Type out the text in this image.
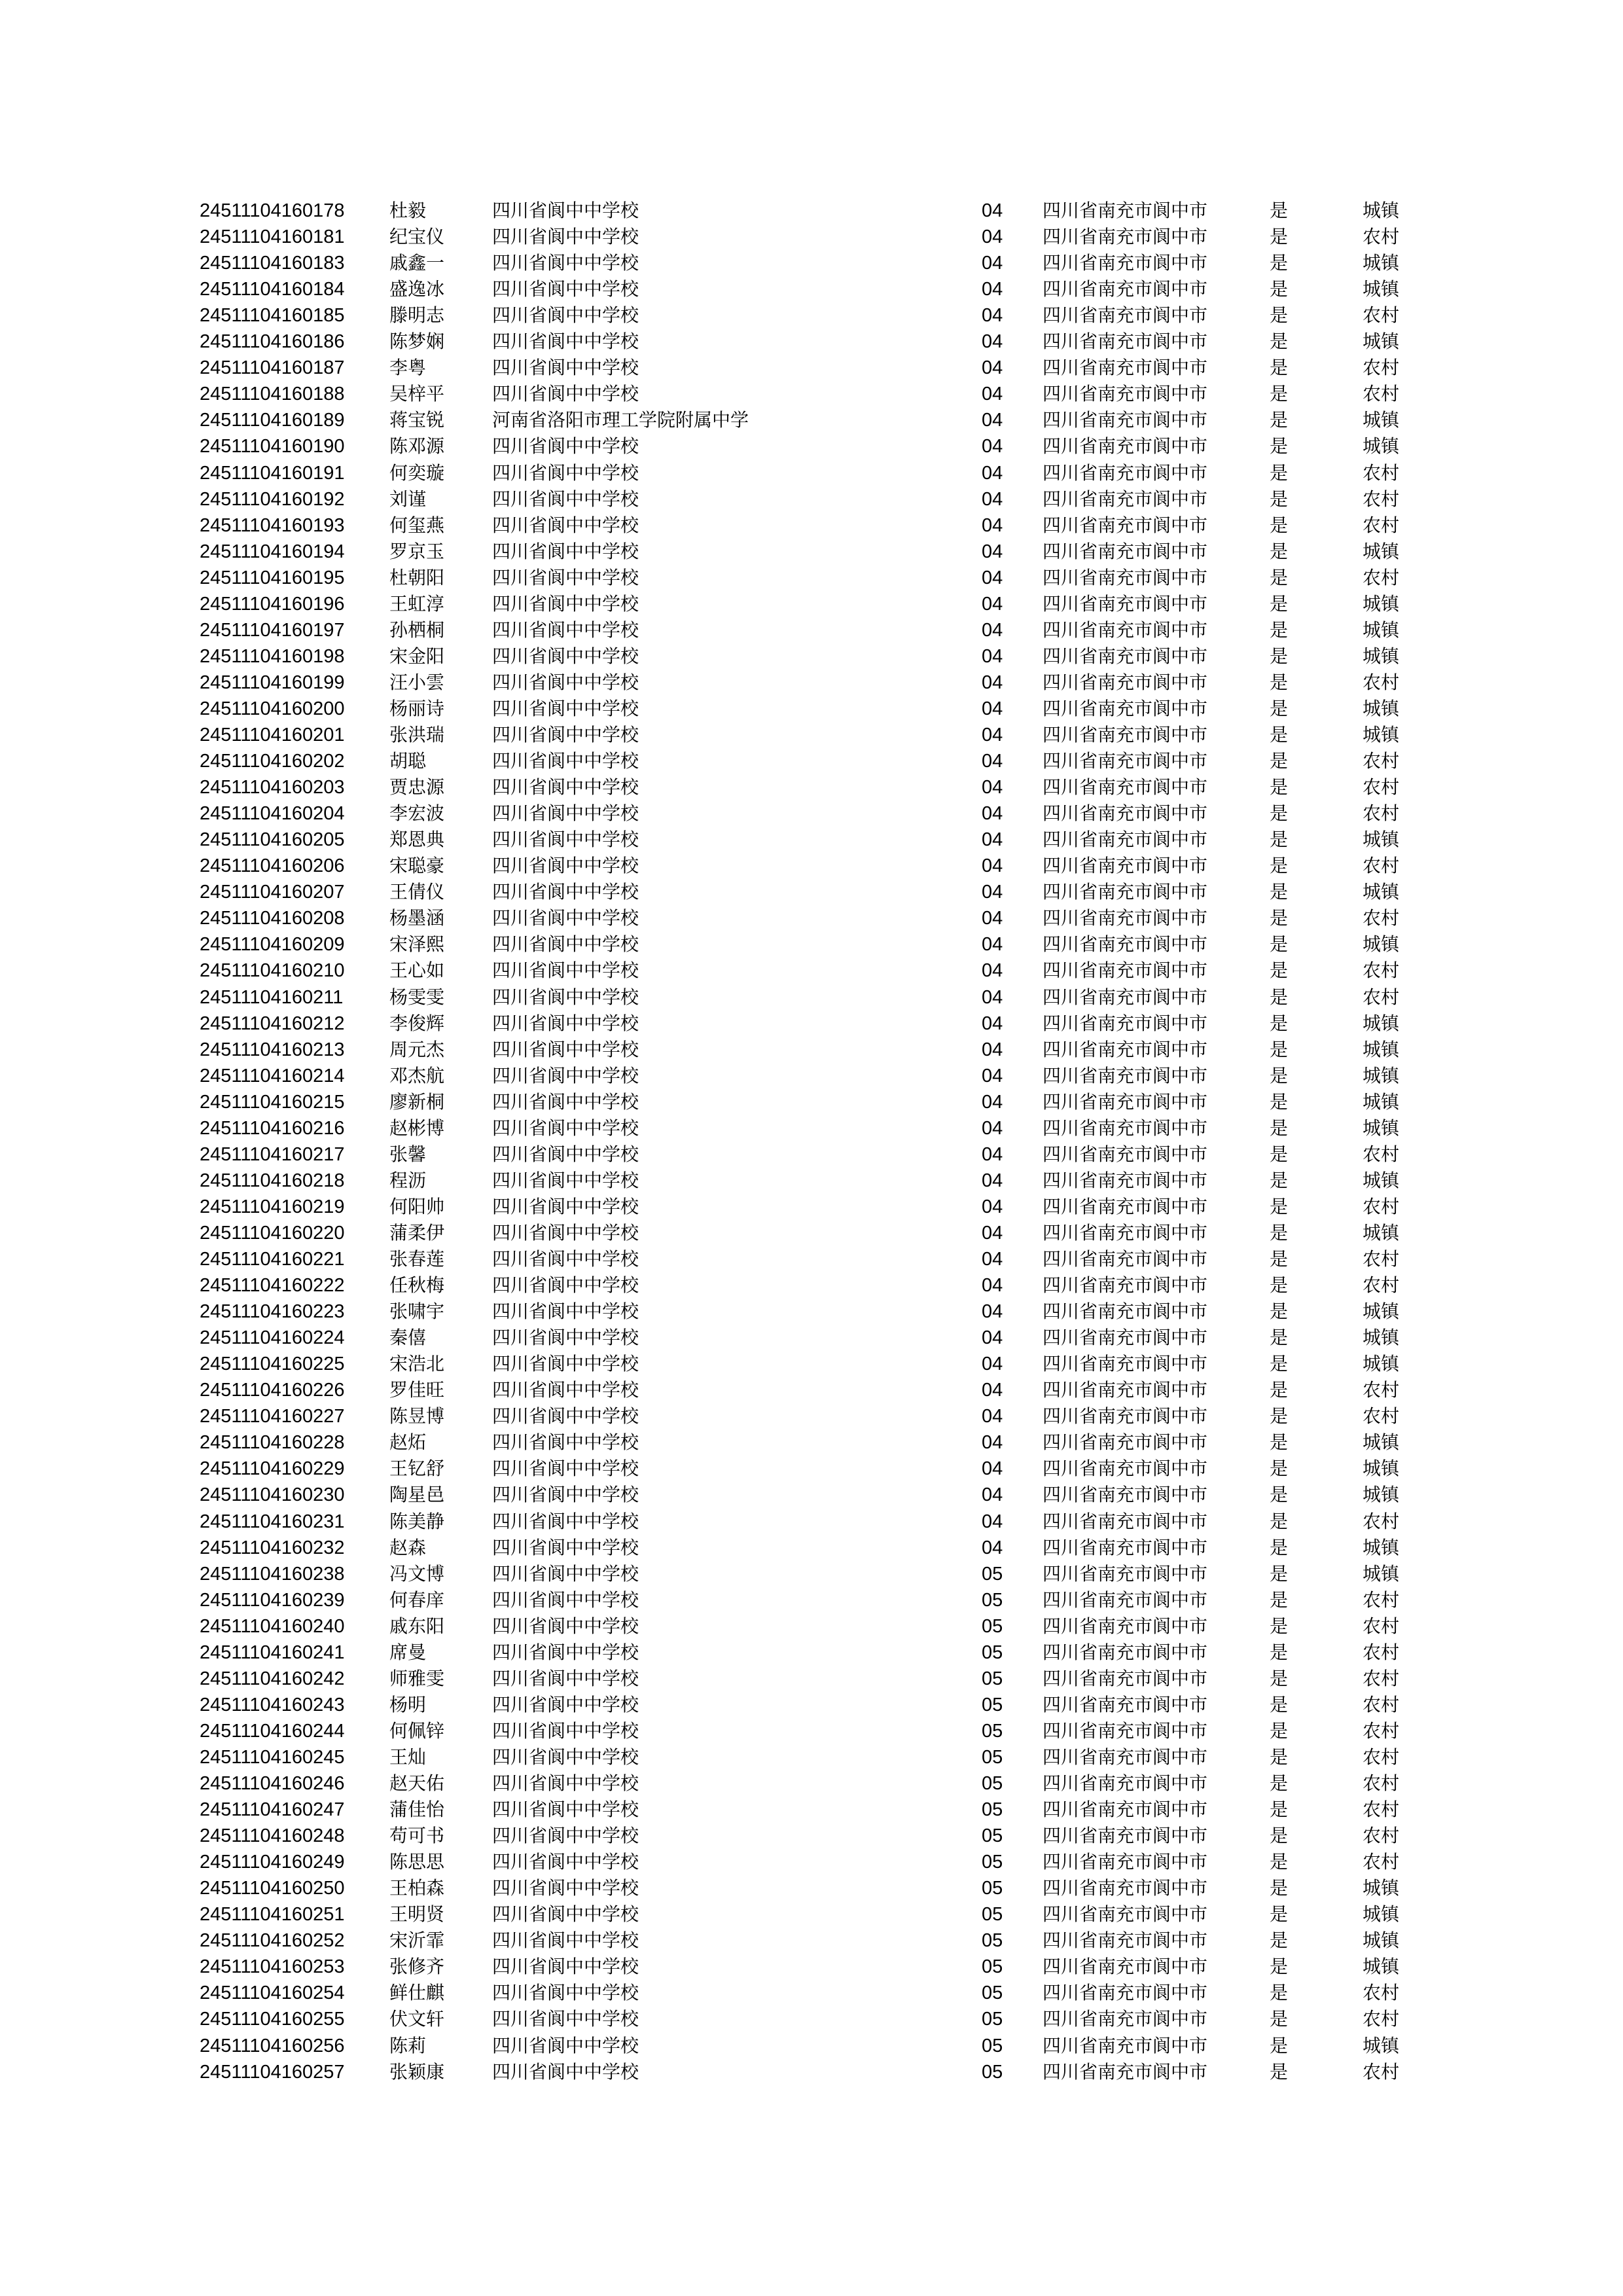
24511104160178 杜毅	四川省阆中中学校	04 四川省南充市阆中市	是	城镇
24511104160181 纪宝仪	四川省阆中中学校	04 四川省南充市阆中市	是	农村
24511104160183 戚鑫一	四川省阆中中学校	04 四川省南充市阆中市	是	城镇
24511104160184 盛逸冰	四川省阆中中学校	04 四川省南充市阆中市	是	城镇
24511104160185 滕明志	四川省阆中中学校	04 四川省南充市阆中市	是	农村
24511104160186 陈梦娴	四川省阆中中学校	04 四川省南充市阆中市	是	城镇
24511104160187 李粤	四川省阆中中学校	04 四川省南充市阆中市	是	农村
24511104160188 吴梓平	四川省阆中中学校	04 四川省南充市阆中市	是	农村
24511104160189 蒋宝锐	河南省洛阳市理工学院附属中学	04 四川省南充市阆中市	是	城镇
24511104160190 陈邓源	四川省阆中中学校	04 四川省南充市阆中市	是	城镇
24511104160191 何奕璇	四川省阆中中学校	04 四川省南充市阆中市	是	农村
24511104160192 刘谨	四川省阆中中学校	04 四川省南充市阆中市	是	农村
24511104160193 何玺燕	四川省阆中中学校	04 四川省南充市阆中市	是	农村
24511104160194 罗京玉	四川省阆中中学校	04 四川省南充市阆中市	是	城镇
24511104160195 杜朝阳	四川省阆中中学校	04 四川省南充市阆中市	是	农村
24511104160196 王虹淳	四川省阆中中学校	04 四川省南充市阆中市	是	城镇
24511104160197 孙栖桐	四川省阆中中学校	04 四川省南充市阆中市	是	城镇
24511104160198 宋金阳	四川省阆中中学校	04 四川省南充市阆中市	是	城镇
24511104160199 汪小雲	四川省阆中中学校	04 四川省南充市阆中市	是	农村
24511104160200 杨丽诗	四川省阆中中学校	04 四川省南充市阆中市	是	城镇
24511104160201 张洪瑞	四川省阆中中学校	04 四川省南充市阆中市	是	城镇
24511104160202 胡聪	四川省阆中中学校	04 四川省南充市阆中市	是	农村
24511104160203 贾忠源	四川省阆中中学校	04 四川省南充市阆中市	是	农村
24511104160204 李宏波	四川省阆中中学校	04 四川省南充市阆中市	是	农村
24511104160205 郑恩典	四川省阆中中学校	04 四川省南充市阆中市	是	城镇
24511104160206 宋聪豪	四川省阆中中学校	04 四川省南充市阆中市	是	农村
24511104160207 王倩仪	四川省阆中中学校	04 四川省南充市阆中市	是	城镇
24511104160208 杨墨涵	四川省阆中中学校	04 四川省南充市阆中市	是	农村
24511104160209 宋泽熙	四川省阆中中学校	04 四川省南充市阆中市	是	城镇
24511104160210 王心如	四川省阆中中学校	04 四川省南充市阆中市	是	农村
24511104160211	杨雯雯	四川省阆中中学校	04 四川省南充市阆中市	是	农村
24511104160212 李俊辉	四川省阆中中学校	04 四川省南充市阆中市	是	城镇
24511104160213 周元杰	四川省阆中中学校	04 四川省南充市阆中市	是	城镇
24511104160214 邓杰航	四川省阆中中学校	04 四川省南充市阆中市	是	城镇
24511104160215 廖新桐	四川省阆中中学校	04 四川省南充市阆中市	是	城镇
24511104160216 赵彬博	四川省阆中中学校	04 四川省南充市阆中市	是	城镇
24511104160217 张馨	四川省阆中中学校	04 四川省南充市阆中市	是	农村
24511104160218 程沥	四川省阆中中学校	04 四川省南充市阆中市	是	城镇
24511104160219 何阳帅	四川省阆中中学校	04 四川省南充市阆中市	是	农村
24511104160220 蒲柔伊	四川省阆中中学校	04 四川省南充市阆中市	是	城镇
24511104160221 张春莲	四川省阆中中学校	04 四川省南充市阆中市	是	农村
24511104160222 任秋梅	四川省阆中中学校	04 四川省南充市阆中市	是	农村
24511104160223 张啸宇	四川省阆中中学校	04 四川省南充市阆中市	是	城镇
24511104160224 秦僖	四川省阆中中学校	04 四川省南充市阆中市	是	城镇
24511104160225 宋浩北	四川省阆中中学校	04 四川省南充市阆中市	是	城镇
24511104160226 罗佳旺	四川省阆中中学校	04 四川省南充市阆中市	是	农村
24511104160227 陈昱博	四川省阆中中学校	04 四川省南充市阆中市	是	农村
24511104160228 赵炻	四川省阆中中学校	04 四川省南充市阆中市	是	城镇
24511104160229 王钇舒	四川省阆中中学校	04 四川省南充市阆中市	是	城镇
24511104160230 陶星邑	四川省阆中中学校	04 四川省南充市阆中市	是	城镇
24511104160231 陈美静	四川省阆中中学校	04 四川省南充市阆中市	是	农村
24511104160232 赵森	四川省阆中中学校	04 四川省南充市阆中市	是	城镇
24511104160238 冯文博	四川省阆中中学校	05 四川省南充市阆中市	是	城镇
24511104160239 何春庠	四川省阆中中学校	05 四川省南充市阆中市	是	农村
24511104160240 戚东阳	四川省阆中中学校	05 四川省南充市阆中市	是	农村
24511104160241 席曼	四川省阆中中学校	05 四川省南充市阆中市	是	农村
24511104160242 师雅雯	四川省阆中中学校	05 四川省南充市阆中市	是	农村
24511104160243 杨明	四川省阆中中学校	05 四川省南充市阆中市	是	农村
24511104160244 何佩锌	四川省阆中中学校	05 四川省南充市阆中市	是	农村
24511104160245 王灿	四川省阆中中学校	05 四川省南充市阆中市	是	农村
24511104160246 赵天佑	四川省阆中中学校	05 四川省南充市阆中市	是	农村
24511104160247 蒲佳怡	四川省阆中中学校	05 四川省南充市阆中市	是	农村
24511104160248 苟可书	四川省阆中中学校	05 四川省南充市阆中市	是	农村
24511104160249 陈思思	四川省阆中中学校	05 四川省南充市阆中市	是	农村
24511104160250 王柏森	四川省阆中中学校	05 四川省南充市阆中市	是	城镇
24511104160251 王明贤	四川省阆中中学校	05 四川省南充市阆中市	是	城镇
24511104160252 宋沂霏	四川省阆中中学校	05 四川省南充市阆中市	是	城镇
24511104160253 张修齐	四川省阆中中学校	05 四川省南充市阆中市	是	城镇
24511104160254 鲜仕麒	四川省阆中中学校	05 四川省南充市阆中市	是	农村
24511104160255 伏文轩	四川省阆中中学校	05 四川省南充市阆中市	是	农村
24511104160256 陈莉	四川省阆中中学校	05 四川省南充市阆中市	是	城镇
24511104160257 张颖康	四川省阆中中学校	05 四川省南充市阆中市	是	农村
